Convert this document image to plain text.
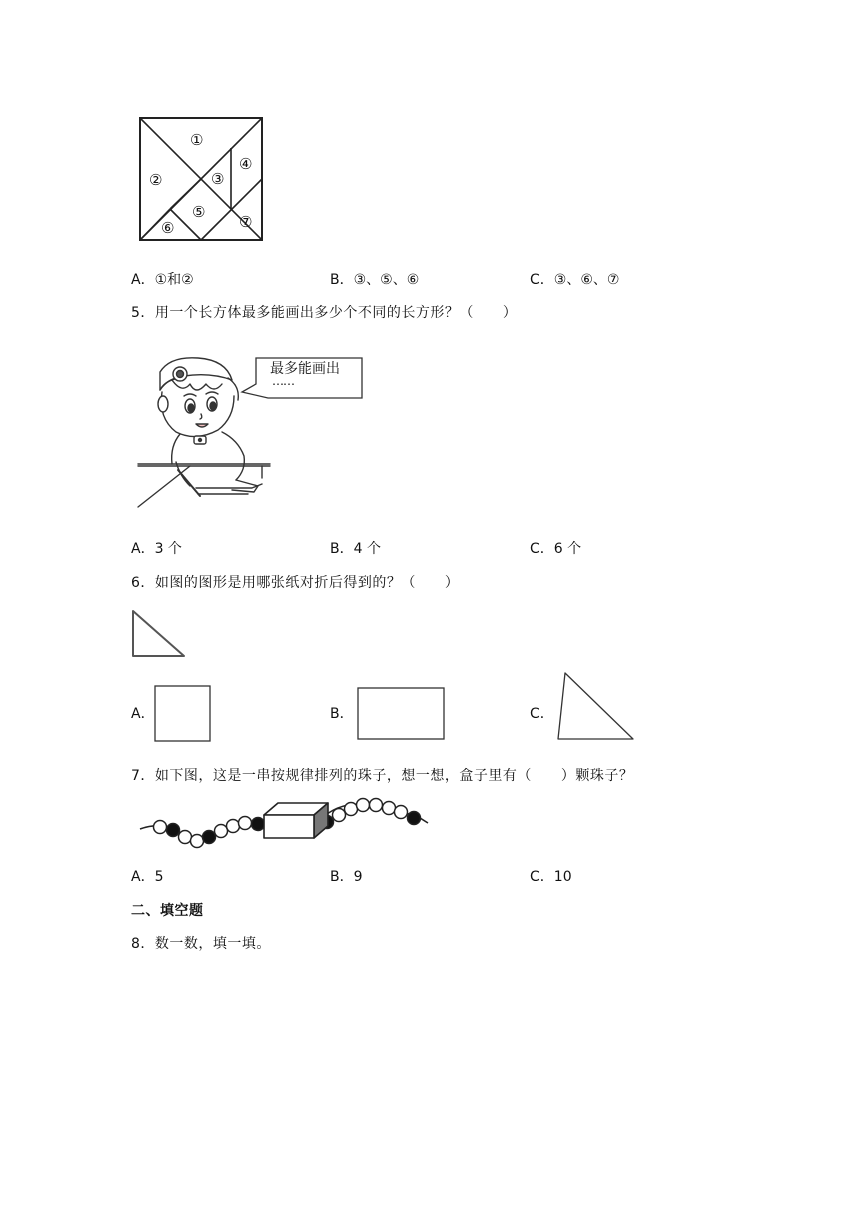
①
②	③
④
⑤
⑥	⑦
A．①和②	B．③、⑤、⑥	C．③、⑥、⑦
5．用一个长方体最多能画出多少个不同的长方形？（　　）
最多能画出
……
A．3 个	B．4 个	C．6 个
6．如图的图形是用哪张纸对折后得到的？（　　）
A．	B．	C．
7．如下图，这是一串按规律排列的珠子，想一想，盒子里有（　　）颗珠子？
A．5	B．9	C．10
二、填空题
8．数一数，填一填。
